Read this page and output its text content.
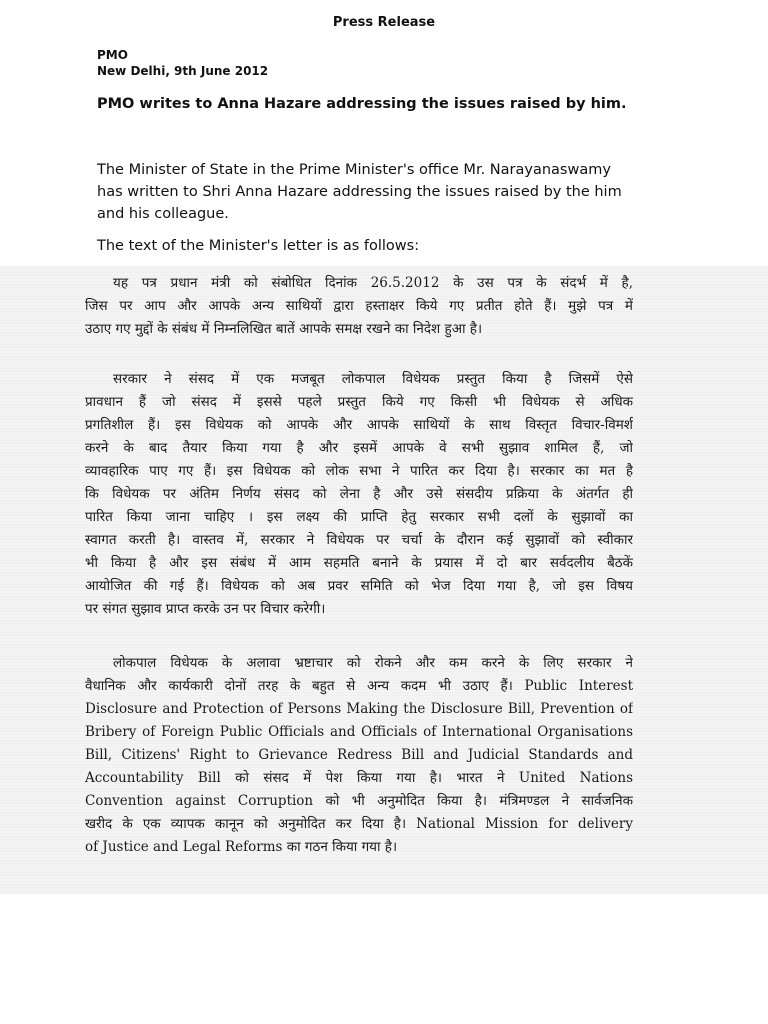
Press Release
PMO
New Delhi, 9th June 2012
PMO writes to Anna Hazare addressing the issues raised by him.
The Minister of State in the Prime Minister's office Mr. Narayanaswamy
has written to Shri Anna Hazare addressing the issues raised by the him
and his colleague.
The text of the Minister's letter is as follows:
यह पत्र प्रधान मंत्री को संबोधित दिनांक 26.5.2012 के उस पत्र के संदर्भ में है,
जिस पर आप और आपके अन्य साथियों द्वारा हस्ताक्षर किये गए प्रतीत होते हैं। मुझे पत्र में
उठाए गए मुद्दों के संबंध में निम्नलिखित बातें आपके समक्ष रखने का निदेश हुआ है।
सरकार ने संसद में एक मजबूत लोकपाल विधेयक प्रस्तुत किया है जिसमें ऐसे
प्रावधान हैं जो संसद में इससे पहले प्रस्तुत किये गए किसी भी विधेयक से अधिक
प्रगतिशील हैं। इस विधेयक को आपके और आपके साथियों के साथ विस्तृत विचार-विमर्श
करने के बाद तैयार किया गया है और इसमें आपके वे सभी सुझाव शामिल हैं, जो
व्यावहारिक पाए गए हैं। इस विधेयक को लोक सभा ने पारित कर दिया है। सरकार का मत है
कि विधेयक पर अंतिम निर्णय संसद को लेना है और उसे संसदीय प्रक्रिया के अंतर्गत ही
पारित किया जाना चाहिए । इस लक्ष्य की प्राप्ति हेतु सरकार सभी दलों के सुझावों का
स्वागत करती है। वास्तव में, सरकार ने विधेयक पर चर्चा के दौरान कई सुझावों को स्वीकार
भी किया है और इस संबंध में आम सहमति बनाने के प्रयास में दो बार सर्वदलीय बैठकें
आयोजित की गई हैं। विधेयक को अब प्रवर समिति को भेज दिया गया है, जो इस विषय
पर संगत सुझाव प्राप्त करके उन पर विचार करेगी।
लोकपाल विधेयक के अलावा भ्रष्टाचार को रोकने और कम करने के लिए सरकार ने
वैधानिक और कार्यकारी दोनों तरह के बहुत से अन्य कदम भी उठाए हैं। Public Interest
Disclosure and Protection of Persons Making the Disclosure Bill, Prevention of
Bribery of Foreign Public Officials and Officials of International Organisations
Bill, Citizens' Right to Grievance Redress Bill and Judicial Standards and
Accountability Bill को संसद में पेश किया गया है। भारत ने United Nations
Convention against Corruption को भी अनुमोदित किया है। मंत्रिमण्डल ने सार्वजनिक
खरीद के एक व्यापक कानून को अनुमोदित कर दिया है। National Mission for delivery
of Justice and Legal Reforms का गठन किया गया है।
